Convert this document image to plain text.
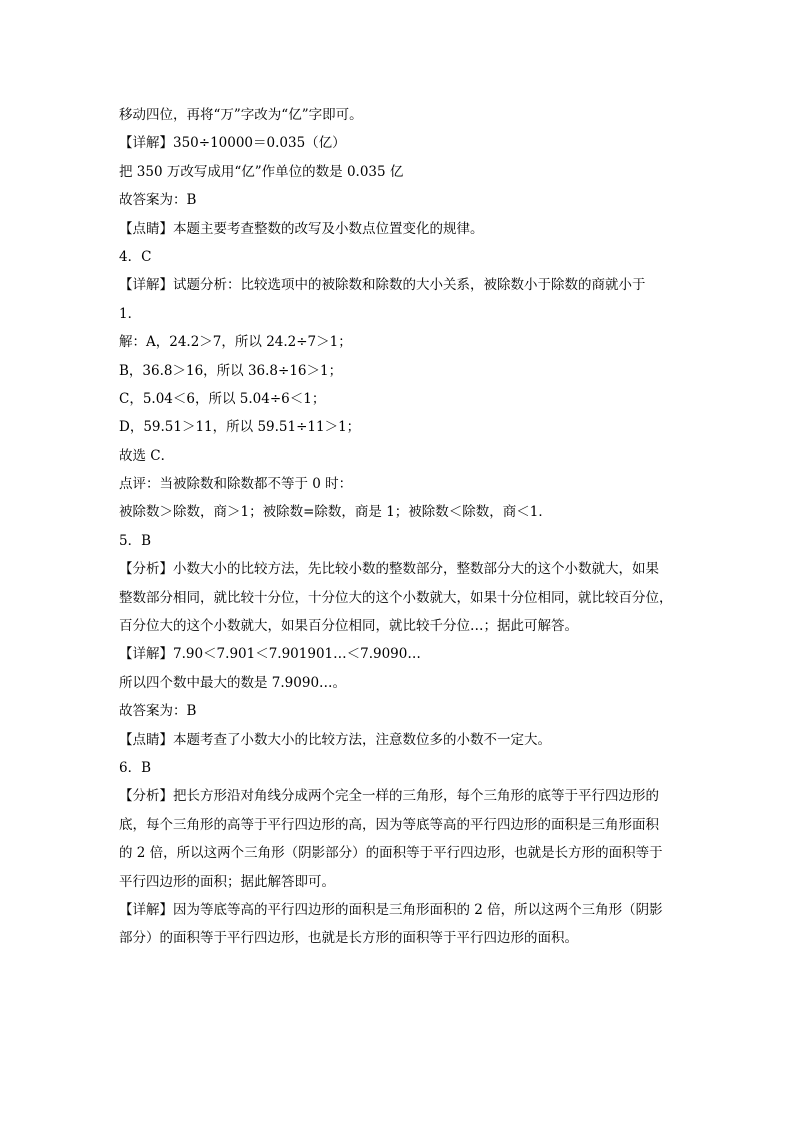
移动四位，再将“万”字改为“亿”字即可。
【详解】350÷10000＝0.035（亿）
把 350 万改写成用“亿”作单位的数是 0.035 亿
故答案为：B
【点睛】本题主要考查整数的改写及小数点位置变化的规律。
4．C
【详解】试题分析：比较选项中的被除数和除数的大小关系，被除数小于除数的商就小于
1．
解：A，24.2＞7，所以 24.2÷7＞1；
B，36.8＞16，所以 36.8÷16＞1；
C，5.04＜6，所以 5.04÷6＜1；
D，59.51＞11，所以 59.51÷11＞1；
故选 C．
点评：当被除数和除数都不等于 0 时：
被除数＞除数，商＞1；被除数=除数，商是 1；被除数＜除数，商＜1．
5．B
【分析】小数大小的比较方法，先比较小数的整数部分，整数部分大的这个小数就大，如果
整数部分相同，就比较十分位，十分位大的这个小数就大，如果十分位相同，就比较百分位，
百分位大的这个小数就大，如果百分位相同，就比较千分位…；据此可解答。
【详解】7.90＜7.901＜7.901901…＜7.9090…
所以四个数中最大的数是 7.9090…。
故答案为：B
【点睛】本题考查了小数大小的比较方法，注意数位多的小数不一定大。
6．B
【分析】把长方形沿对角线分成两个完全一样的三角形，每个三角形的底等于平行四边形的
底，每个三角形的高等于平行四边形的高，因为等底等高的平行四边形的面积是三角形面积
的 2 倍，所以这两个三角形（阴影部分）的面积等于平行四边形，也就是长方形的面积等于
平行四边形的面积；据此解答即可。
【详解】因为等底等高的平行四边形的面积是三角形面积的 2 倍，所以这两个三角形（阴影
部分）的面积等于平行四边形，也就是长方形的面积等于平行四边形的面积。
